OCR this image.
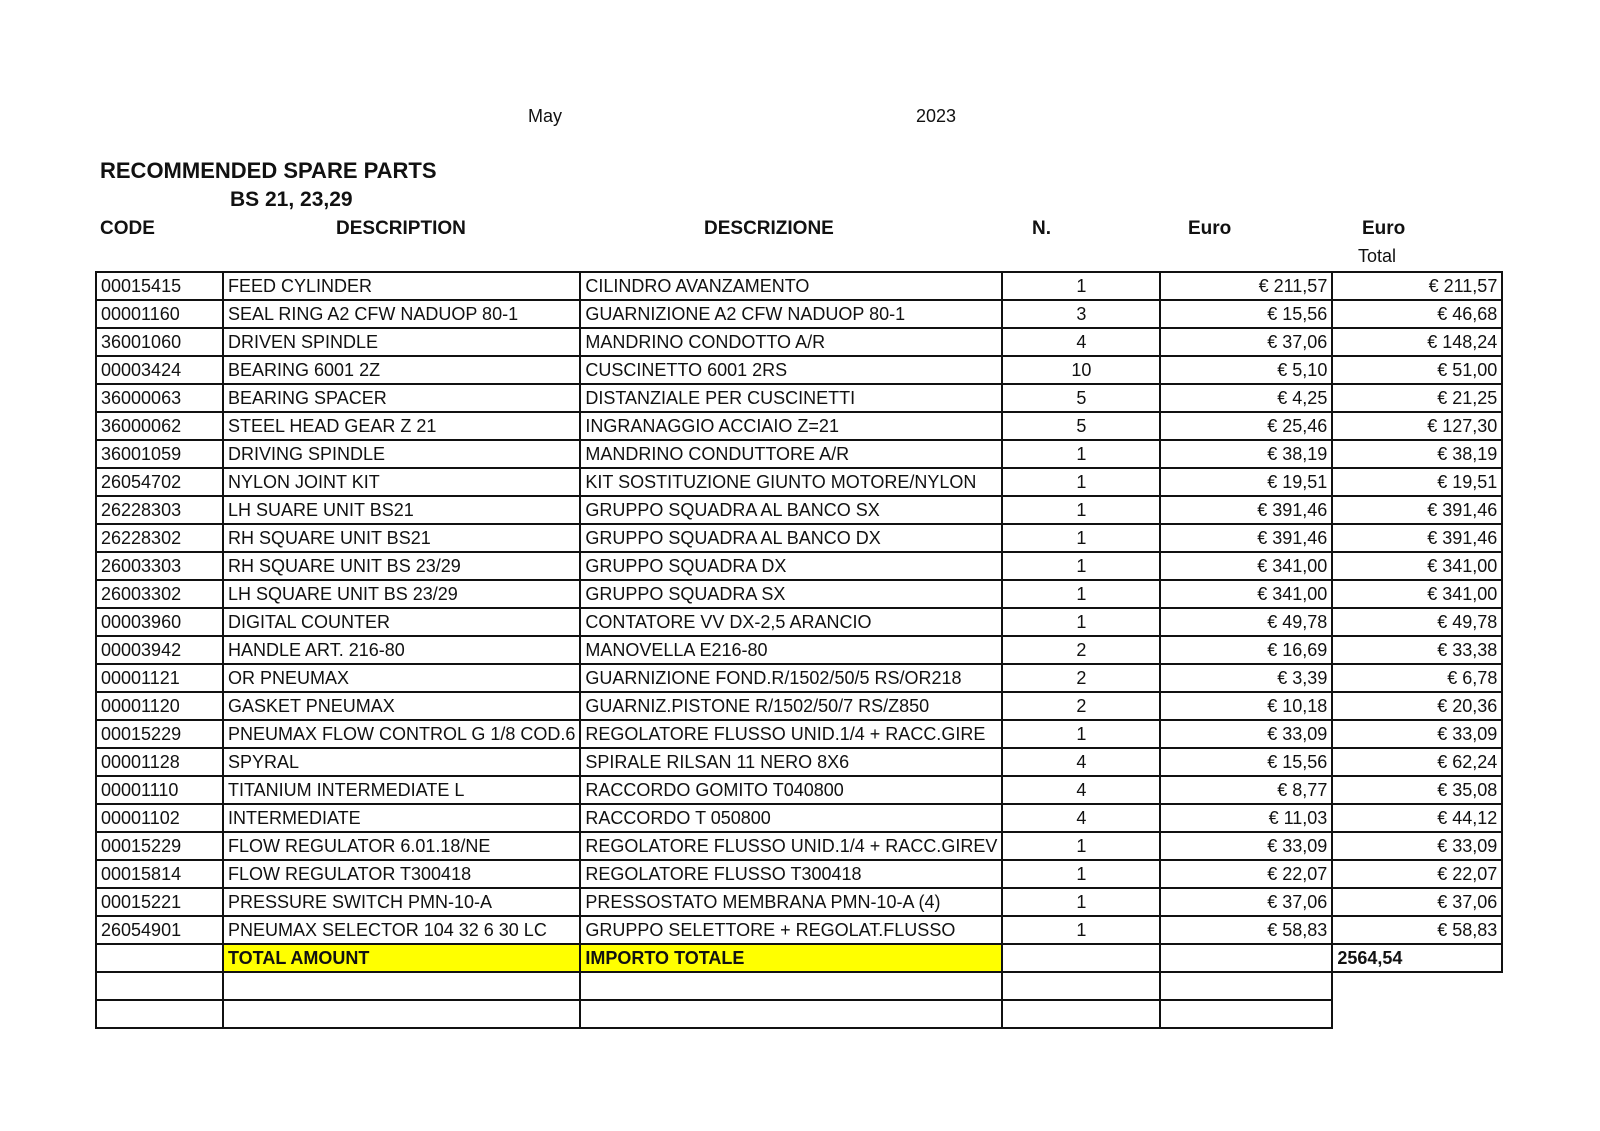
May	2023
RECOMMENDED SPARE PARTS
BS 21, 23,29
CODE	DESCRIPTION	DESCRIZIONE	N.	Euro	Euro
Total
00015415	FEED CYLINDER	CILINDRO AVANZAMENTO	1	€ 211,57	€ 211,57
00001160	SEAL RING A2 CFW NADUOP 80-1	GUARNIZIONE A2 CFW NADUOP 80-1	3	€ 15,56	€ 46,68
36001060	DRIVEN SPINDLE	MANDRINO CONDOTTO A/R	4	€ 37,06	€ 148,24
00003424	BEARING 6001 2Z	CUSCINETTO 6001 2RS	10	€ 5,10	€ 51,00
36000063	BEARING SPACER	DISTANZIALE PER CUSCINETTI	5	€ 4,25	€ 21,25
36000062	STEEL HEAD GEAR Z 21	INGRANAGGIO ACCIAIO Z=21	5	€ 25,46	€ 127,30
36001059	DRIVING SPINDLE	MANDRINO CONDUTTORE A/R	1	€ 38,19	€ 38,19
26054702	NYLON JOINT KIT	KIT SOSTITUZIONE GIUNTO MOTORE/NYLON	1	€ 19,51	€ 19,51
26228303	LH SUARE UNIT BS21	GRUPPO SQUADRA AL BANCO SX	1	€ 391,46	€ 391,46
26228302	RH SQUARE UNIT BS21	GRUPPO SQUADRA AL BANCO DX	1	€ 391,46	€ 391,46
26003303	RH SQUARE UNIT BS 23/29	GRUPPO SQUADRA DX	1	€ 341,00	€ 341,00
26003302	LH SQUARE UNIT BS 23/29	GRUPPO SQUADRA SX	1	€ 341,00	€ 341,00
00003960	DIGITAL COUNTER	CONTATORE VV DX-2,5 ARANCIO	1	€ 49,78	€ 49,78
00003942	HANDLE ART. 216-80	MANOVELLA E216-80	2	€ 16,69	€ 33,38
00001121	OR PNEUMAX	GUARNIZIONE FOND.R/1502/50/5 RS/OR218	2	€ 3,39	€ 6,78
00001120	GASKET PNEUMAX	GUARNIZ.PISTONE R/1502/50/7 RS/Z850	2	€ 10,18	€ 20,36
00015229	PNEUMAX FLOW CONTROL G 1/8 COD.6	REGOLATORE FLUSSO UNID.1/4 + RACC.GIRE	1	€ 33,09	€ 33,09
00001128	SPYRAL	SPIRALE RILSAN 11 NERO 8X6	4	€ 15,56	€ 62,24
00001110	TITANIUM INTERMEDIATE L	RACCORDO GOMITO T040800	4	€ 8,77	€ 35,08
00001102	INTERMEDIATE	RACCORDO T 050800	4	€ 11,03	€ 44,12
00015229	FLOW REGULATOR 6.01.18/NE	REGOLATORE FLUSSO UNID.1/4 + RACC.GIREV	1	€ 33,09	€ 33,09
00015814	FLOW REGULATOR T300418	REGOLATORE FLUSSO T300418	1	€ 22,07	€ 22,07
00015221	PRESSURE SWITCH PMN-10-A	PRESSOSTATO MEMBRANA PMN-10-A (4)	1	€ 37,06	€ 37,06
26054901	PNEUMAX SELECTOR 104 32 6 30 LC	GRUPPO SELETTORE + REGOLAT.FLUSSO	1	€ 58,83	€ 58,83
	TOTAL AMOUNT	IMPORTO TOTALE			2564,54
